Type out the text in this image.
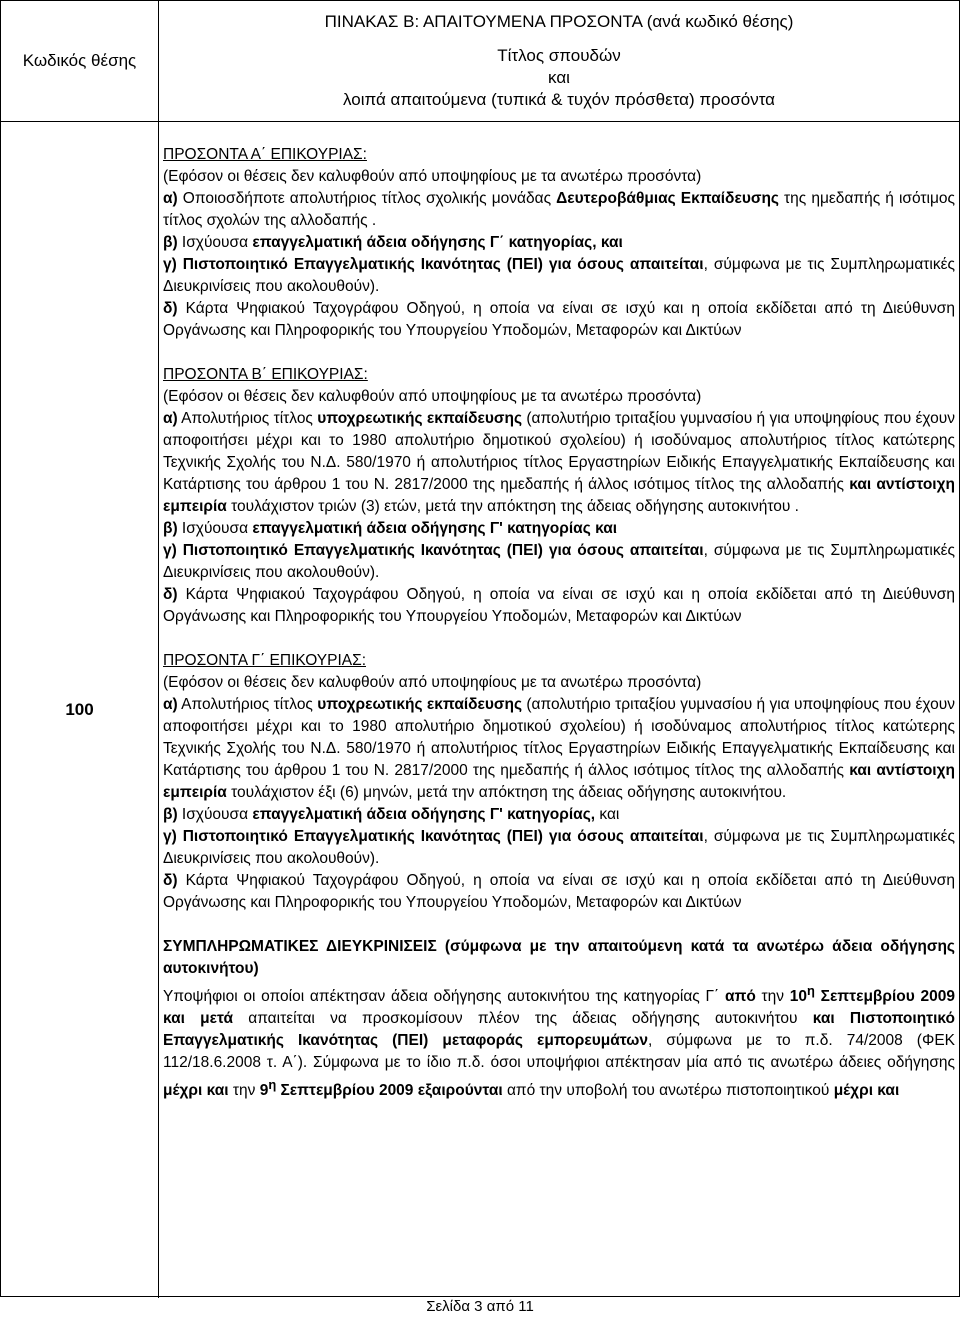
Κωδικός θέσης
ΠΙΝΑΚΑΣ Β: ΑΠΑΙΤΟΥΜΕΝΑ ΠΡΟΣΟΝΤΑ (ανά κωδικό θέσης)
Τίτλος σπουδών
και
λοιπά απαιτούμενα (τυπικά & τυχόν πρόσθετα) προσόντα
100

ΠΡΟΣΟΝΤΑ Α΄ ΕΠΙΚΟΥΡΙΑΣ:

(Εφόσον οι θέσεις δεν καλυφθούν από υποψηφίους με τα ανωτέρω προσόντα)

α) Οποιοσδήποτε απολυτήριος τίτλος σχολικής μονάδας Δευτεροβάθμιας Εκπαίδευσης της ημεδαπής ή ισότιμος τίτλος σχολών της αλλοδαπής .

β) Ισχύουσα επαγγελματική άδεια οδήγησης Γ΄ κατηγορίας, και

γ) Πιστοποιητικό Επαγγελματικής Ικανότητας (ΠΕΙ) για όσους απαιτείται, σύμφωνα με τις Συμπληρωματικές Διευκρινίσεις που ακολουθούν).

δ) Κάρτα Ψηφιακού Ταχογράφου Οδηγού, η οποία να είναι σε ισχύ και η οποία εκδίδεται από τη Διεύθυνση Οργάνωσης και Πληροφορικής του Υπουργείου Υποδομών, Μεταφορών και Δικτύων

ΠΡΟΣΟΝΤΑ Β΄ ΕΠΙΚΟΥΡΙΑΣ:

(Εφόσον οι θέσεις δεν καλυφθούν από υποψηφίους με τα ανωτέρω προσόντα)

α) Απολυτήριος τίτλος υποχρεωτικής εκπαίδευσης (απολυτήριο τριταξίου γυμνασίου ή για υποψηφίους που έχουν αποφοιτήσει μέχρι και το 1980 απολυτήριο δημοτικού σχολείου) ή ισοδύναμος απολυτήριος τίτλος κατώτερης Τεχνικής Σχολής του Ν.Δ. 580/1970 ή απολυτήριος τίτλος Εργαστηρίων Ειδικής Επαγγελματικής Εκπαίδευσης και Κατάρτισης του άρθρου 1 του Ν. 2817/2000 της ημεδαπής ή άλλος ισότιμος τίτλος της αλλοδαπής και αντίστοιχη εμπειρία τουλάχιστον τριών (3) ετών, μετά την απόκτηση της άδειας οδήγησης αυτοκινήτου .

β) Ισχύουσα επαγγελματική άδεια οδήγησης Γ' κατηγορίας και

γ) Πιστοποιητικό Επαγγελματικής Ικανότητας (ΠΕΙ) για όσους απαιτείται, σύμφωνα με τις Συμπληρωματικές Διευκρινίσεις που ακολουθούν).

δ) Κάρτα Ψηφιακού Ταχογράφου Οδηγού, η οποία να είναι σε ισχύ και η οποία εκδίδεται από τη Διεύθυνση Οργάνωσης και Πληροφορικής του Υπουργείου Υποδομών, Μεταφορών και Δικτύων

ΠΡΟΣΟΝΤΑ Γ΄ ΕΠΙΚΟΥΡΙΑΣ:

(Εφόσον οι θέσεις δεν καλυφθούν από υποψηφίους με τα ανωτέρω προσόντα)

α) Απολυτήριος τίτλος υποχρεωτικής εκπαίδευσης (απολυτήριο τριταξίου γυμνασίου ή για υποψηφίους που έχουν αποφοιτήσει μέχρι και το 1980 απολυτήριο δημοτικού σχολείου) ή ισοδύναμος απολυτήριος τίτλος κατώτερης Τεχνικής Σχολής του Ν.Δ. 580/1970 ή απολυτήριος τίτλος Εργαστηρίων Ειδικής Επαγγελματικής Εκπαίδευσης και Κατάρτισης του άρθρου 1 του Ν. 2817/2000 της ημεδαπής ή άλλος ισότιμος τίτλος της αλλοδαπής και αντίστοιχη εμπειρία τουλάχιστον έξι (6) μηνών, μετά την απόκτηση της άδειας οδήγησης αυτοκινήτου.

β) Ισχύουσα επαγγελματική άδεια οδήγησης Γ' κατηγορίας, και

γ) Πιστοποιητικό Επαγγελματικής Ικανότητας (ΠΕΙ) για όσους απαιτείται, σύμφωνα με τις Συμπληρωματικές Διευκρινίσεις που ακολουθούν).

δ) Κάρτα Ψηφιακού Ταχογράφου Οδηγού, η οποία να είναι σε ισχύ και η οποία εκδίδεται από τη Διεύθυνση Οργάνωσης και Πληροφορικής του Υπουργείου Υποδομών, Μεταφορών και Δικτύων

ΣΥΜΠΛΗΡΩΜΑΤΙΚΕΣ ΔΙΕΥΚΡΙΝΙΣΕΙΣ (σύμφωνα με την απαιτούμενη κατά τα ανωτέρω άδεια οδήγησης αυτοκινήτου)

Υποψήφιοι οι οποίοι απέκτησαν άδεια οδήγησης αυτοκινήτου της κατηγορίας Γ΄ από την $10^\eta$ Σεπτεμβρίου 2009 και μετά απαιτείται να προσκομίσουν πλέον της άδειας οδήγησης αυτοκινήτου και Πιστοποιητικό Επαγγελματικής Ικανότητας (ΠΕΙ) μεταφοράς εμπορευμάτων, σύμφωνα με το π.δ. 74/2008 (ΦΕΚ 112/18.6.2008 τ. Α΄). Σύμφωνα με το ίδιο π.δ. όσοι υποψήφιοι απέκτησαν μία από τις ανωτέρω άδειες οδήγησης μέχρι και την $9^\eta$ Σεπτεμβρίου 2009 εξαιρούνται από την υποβολή του ανωτέρω πιστοποιητικού μέχρι και

Σελίδα 3 από 11
